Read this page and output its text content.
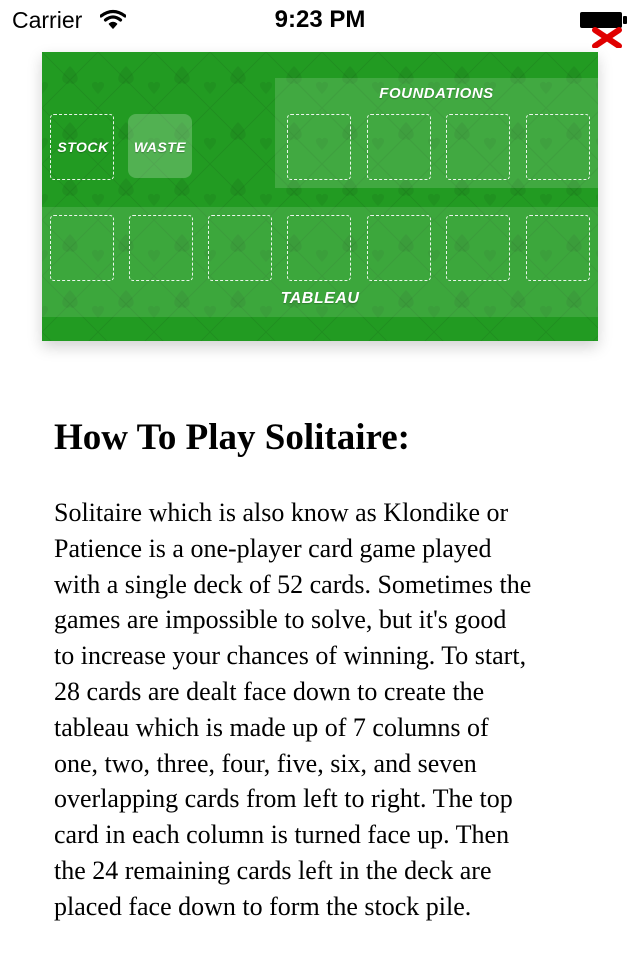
Carrier	9:23 PM
STOCK	WASTE
FOUNDATIONS
TABLEAU
How To Play Solitaire:

Solitaire which is also know as Klondike or
Patience is a one-player card game played
with a single deck of 52 cards. Sometimes the
games are impossible to solve, but it's good
to increase your chances of winning. To start,
28 cards are dealt face down to create the
tableau which is made up of 7 columns of
one, two, three, four, five, six, and seven
overlapping cards from left to right. The top
card in each column is turned face up. Then
the 24 remaining cards left in the deck are
placed face down to form the stock pile.
